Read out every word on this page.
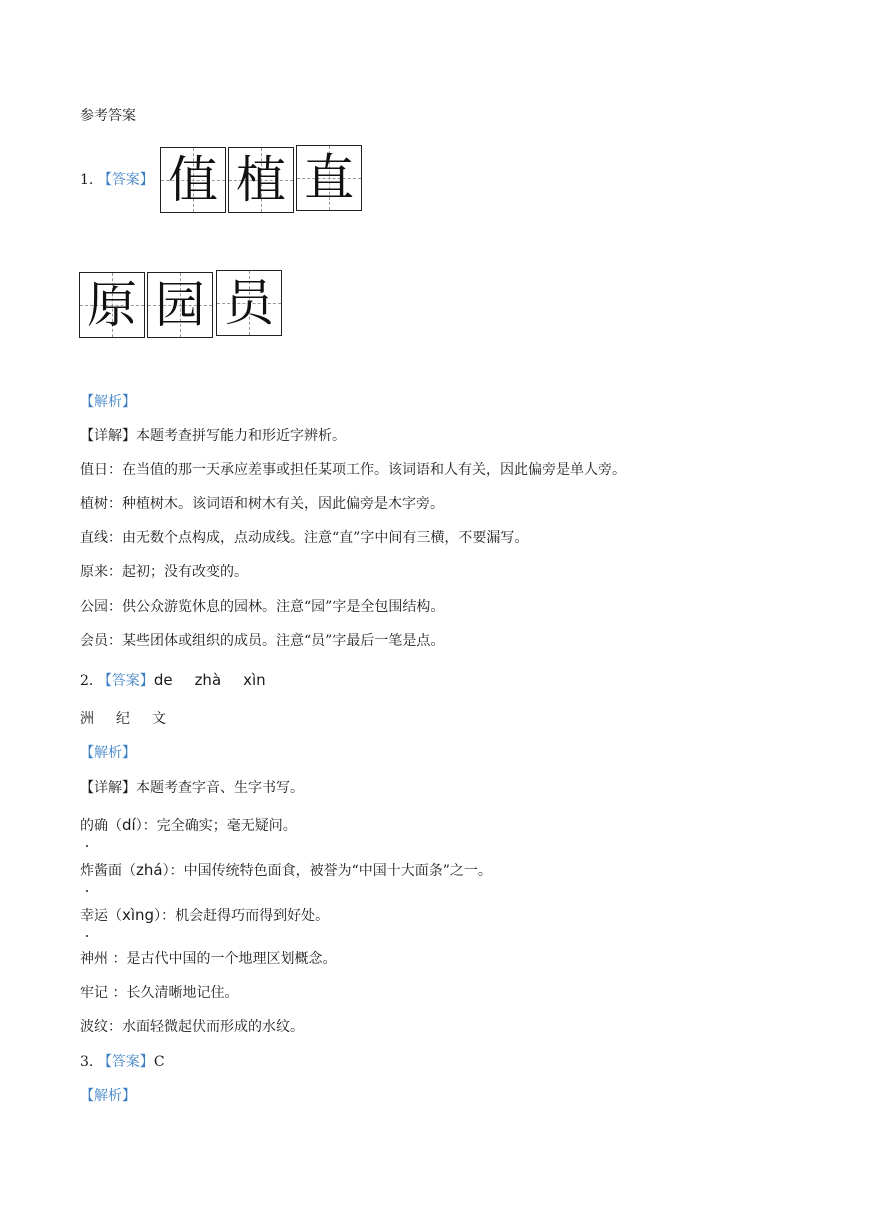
参考答案
1. 【答案】 值 植 直
原 园 员
【解析】
【详解】本题考查拼写能力和形近字辨析。
值日：在当值的那一天承应差事或担任某项工作。该词语和人有关，因此偏旁是单人旁。
植树：种植树木。该词语和树木有关，因此偏旁是木字旁。
直线：由无数个点构成，点动成线。注意“直”字中间有三横，不要漏写。
原来：起初；没有改变的。
公园：供公众游览休息的园林。注意“园”字是全包围结构。
会员：某些团体或组织的成员。注意“员”字最后一笔是点。
2. 【答案】de zhà xìn
洲 纪 文
【解析】
【详解】本题考查字音、生字书写。
的确（dí）：完全确实；毫无疑问。
炸酱面（zhá）：中国传统特色面食，被誉为“中国十大面条”之一。
幸运（xìng）：机会赶得巧而得到好处。
神州 ：是古代中国的一个地理区划概念。
牢记 ：长久清晰地记住。
波纹：水面轻微起伏而形成的水纹。
3. 【答案】C
【解析】
